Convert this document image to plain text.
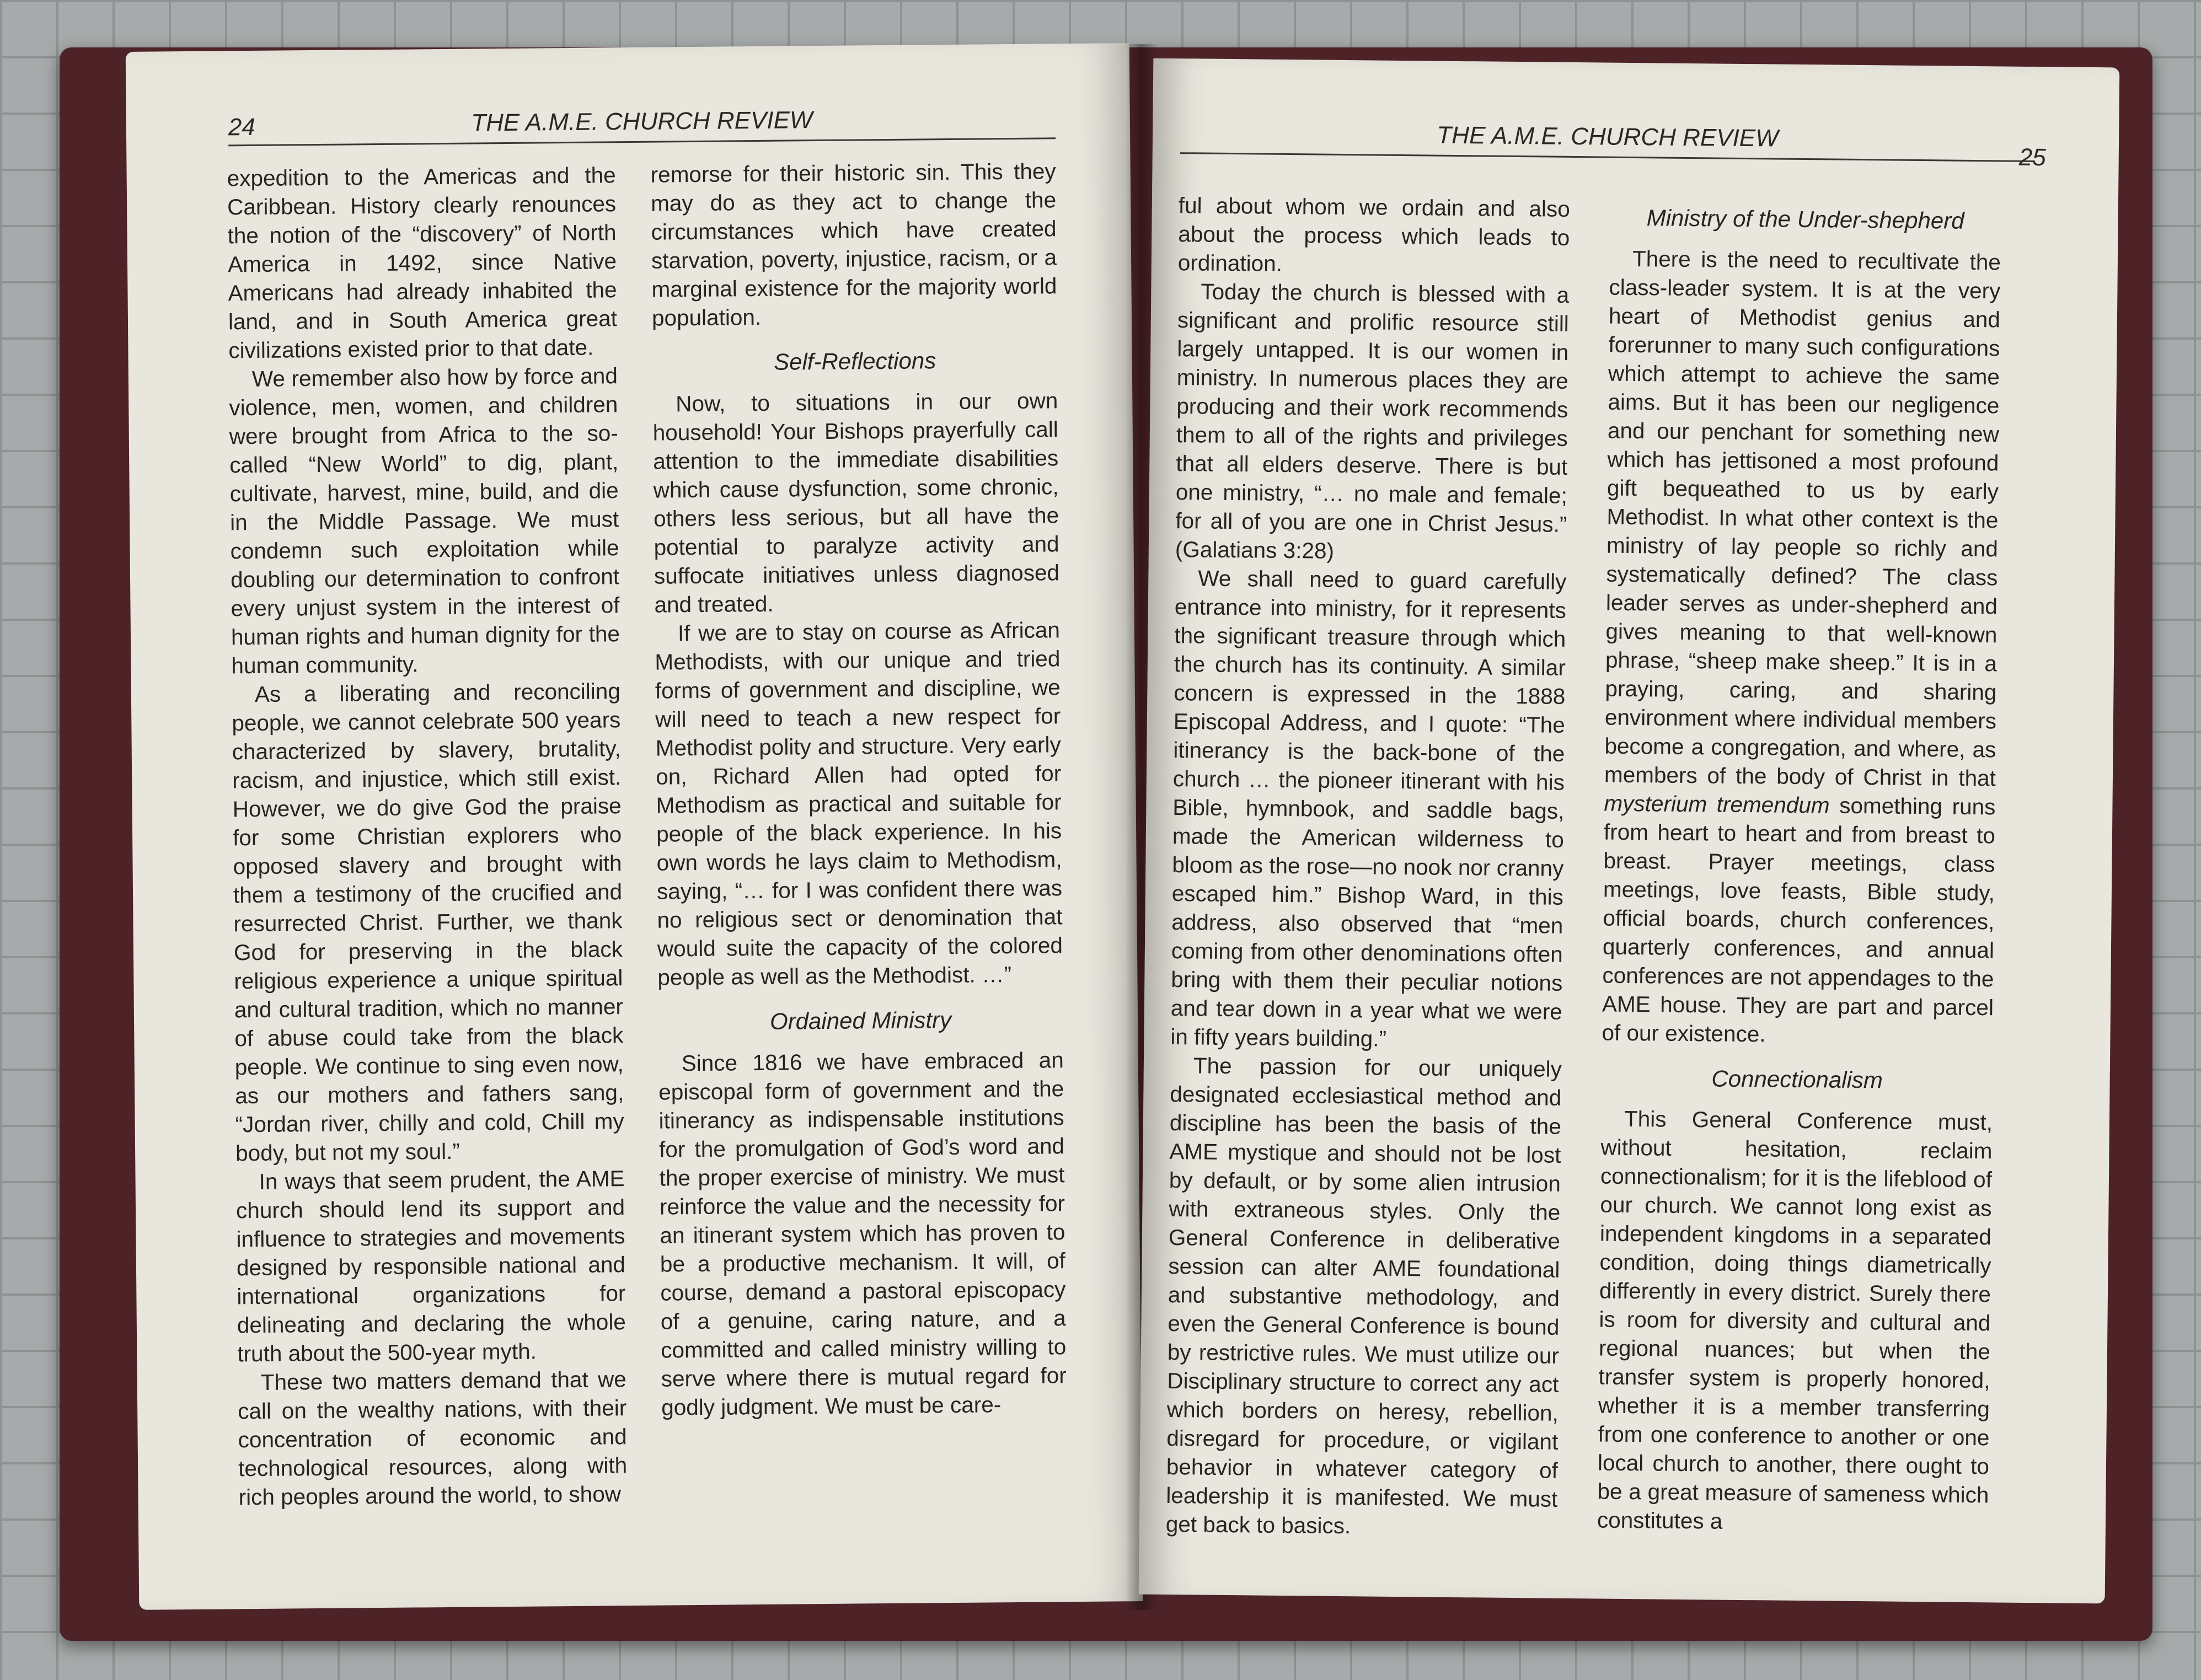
24	THE A.M.E. CHURCH REVIEW

expedition to the Americas and the Caribbean. History clearly renounces the notion of the “discovery” of North America in 1492, since Native Americans had already inhabited the land, and in South America great civilizations existed prior to that date.

We remember also how by force and violence, men, women, and children were brought from Africa to the so-called “New World” to dig, plant, cultivate, harvest, mine, build, and die in the Middle Passage. We must condemn such exploitation while doubling our determination to confront every unjust system in the interest of human rights and human dignity for the human community.

As a liberating and reconciling people, we cannot celebrate 500 years characterized by slavery, brutality, racism, and injustice, which still exist. However, we do give God the praise for some Christian explorers who opposed slavery and brought with them a testimony of the crucified and resurrected Christ. Further, we thank God for preserving in the black religious experience a unique spiritual and cultural tradition, which no manner of abuse could take from the black people. We continue to sing even now, as our mothers and fathers sang, “Jordan river, chilly and cold, Chill my body, but not my soul.”

In ways that seem prudent, the AME church should lend its support and influence to strategies and movements designed by responsible national and international organizations for delineating and declaring the whole truth about the 500-year myth.

These two matters demand that we call on the wealthy nations, with their concentration of economic and technological resources, along with rich peoples around the world, to show

remorse for their historic sin. This they may do as they act to change the circumstances which have created starvation, poverty, injustice, racism, or a marginal existence for the majority world population.

Self-Reflections

Now, to situations in our own household! Your Bishops prayerfully call attention to the immediate disabilities which cause dysfunction, some chronic, others less serious, but all have the potential to paralyze activity and suffocate initiatives unless diagnosed and treated.

If we are to stay on course as African Methodists, with our unique and tried forms of government and discipline, we will need to teach a new respect for Methodist polity and structure. Very early on, Richard Allen had opted for Methodism as practical and suitable for people of the black experience. In his own words he lays claim to Methodism, saying, “… for I was confident there was no religious sect or denomination that would suite the capacity of the colored people as well as the Methodist. …”

Ordained Ministry

Since 1816 we have embraced an episcopal form of government and the itinerancy as indispensable institutions for the promulgation of God’s word and the proper exercise of ministry. We must reinforce the value and the necessity for an itinerant system which has proven to be a productive mechanism. It will, of course, demand a pastoral episcopacy of a genuine, caring nature, and a committed and called ministry willing to serve where there is mutual regard for godly judgment. We must be care-

THE A.M.E. CHURCH REVIEW
25

ful about whom we ordain and also about the process which leads to ordination.

Today the church is blessed with a significant and prolific resource still largely untapped. It is our women in ministry. In numerous places they are producing and their work recommends them to all of the rights and privileges that all elders deserve. There is but one ministry, “… no male and female; for all of you are one in Christ Jesus.” (Galatians 3:28)

We shall need to guard carefully entrance into ministry, for it represents the significant treasure through which the church has its continuity. A similar concern is expressed in the 1888 Episcopal Address, and I quote: “The itinerancy is the back-bone of the church … the pioneer itinerant with his Bible, hymnbook, and saddle bags, made the American wilderness to bloom as the rose—no nook nor cranny escaped him.” Bishop Ward, in this address, also observed that “men coming from other denominations often bring with them their peculiar notions and tear down in a year what we were in fifty years building.”

The passion for our uniquely designated ecclesiastical method and discipline has been the basis of the AME mystique and should not be lost by default, or by some alien intrusion with extraneous styles. Only the General Conference in deliberative session can alter AME foundational and substantive methodology, and even the General Conference is bound by restrictive rules. We must utilize our Disciplinary structure to correct any act which borders on heresy, rebellion, disregard for procedure, or vigilant behavior in whatever category of leadership it is manifested. We must get back to basics.

Ministry of the Under-shepherd

There is the need to recultivate the class-leader system. It is at the very heart of Methodist genius and forerunner to many such configurations which attempt to achieve the same aims. But it has been our negligence and our penchant for something new which has jettisoned a most profound gift bequeathed to us by early Methodist. In what other context is the ministry of lay people so richly and systematically defined? The class leader serves as under-shepherd and gives meaning to that well-known phrase, “sheep make sheep.” It is in a praying, caring, and sharing environment where individual members become a congregation, and where, as members of the body of Christ in that mysterium tremendum something runs from heart to heart and from breast to breast. Prayer meetings, class meetings, love feasts, Bible study, official boards, church conferences, quarterly conferences, and annual conferences are not appendages to the AME house. They are part and parcel of our existence.

Connectionalism

This General Conference must, without hesitation, reclaim connectionalism; for it is the lifeblood of our church. We cannot long exist as independent kingdoms in a separated condition, doing things diametrically differently in every district. Surely there is room for diversity and cultural and regional nuances; but when the transfer system is properly honored, whether it is a member transferring from one conference to another or one local church to another, there ought to be a great measure of sameness which constitutes a
